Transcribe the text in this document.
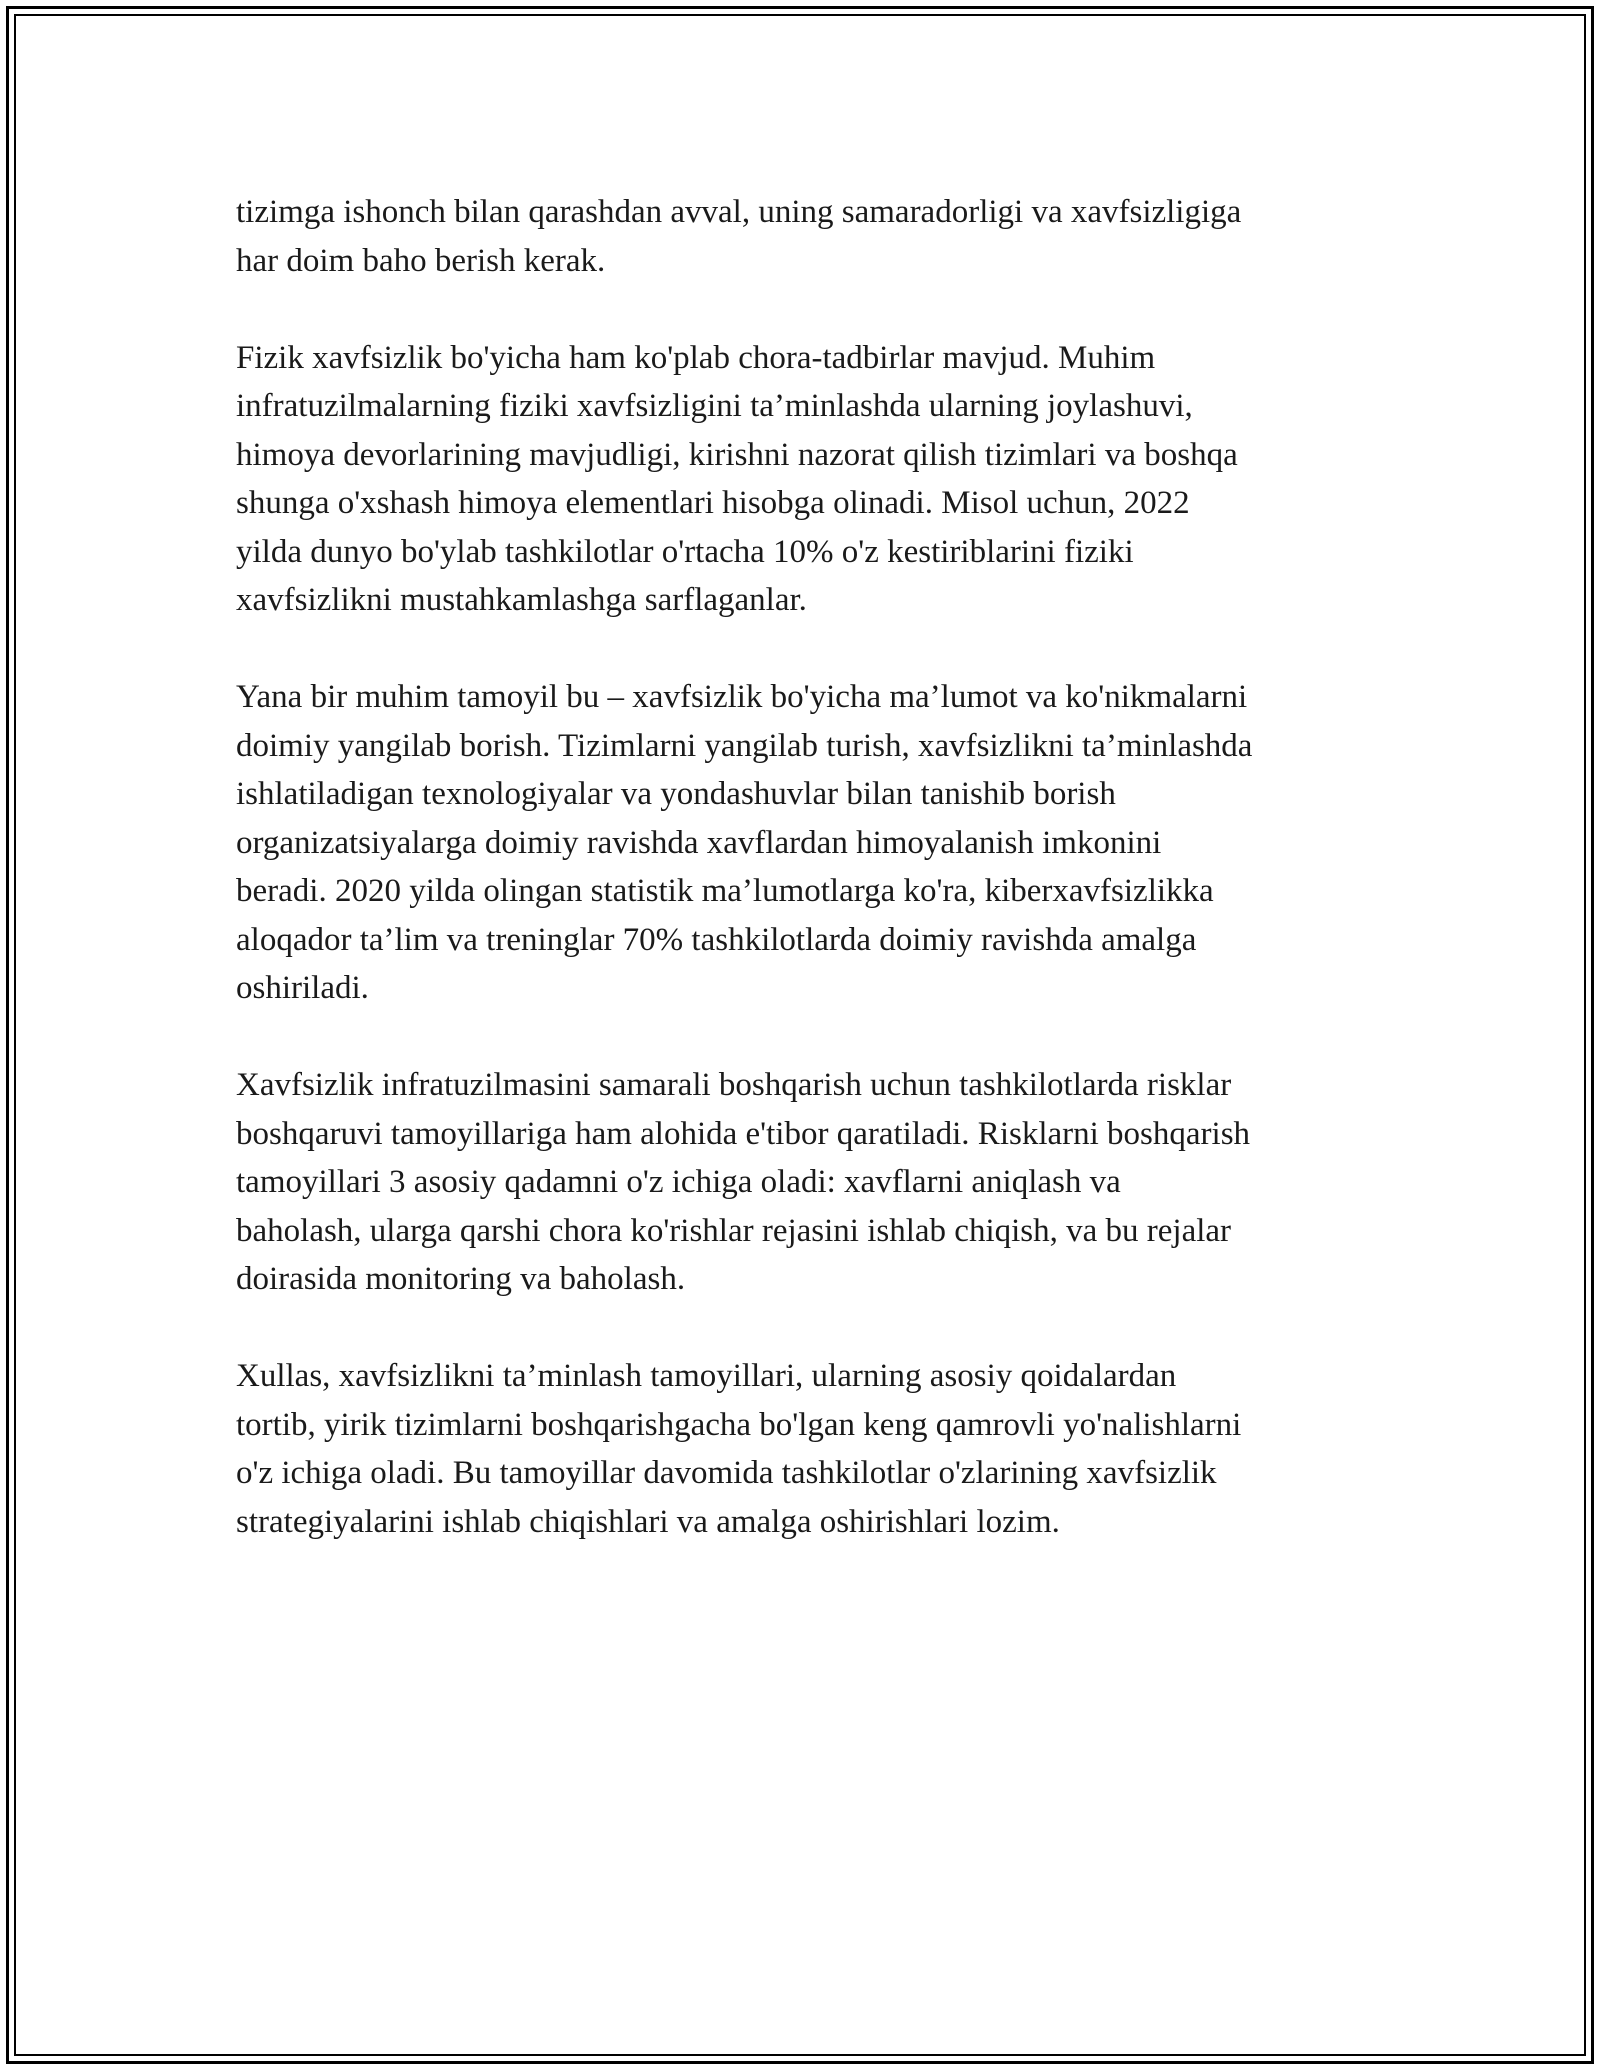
tizimga ishonch bilan qarashdan avval, uning samaradorligi va xavfsizligiga
har doim baho berish kerak.

Fizik xavfsizlik bo'yicha ham ko'plab chora-tadbirlar mavjud. Muhim
infratuzilmalarning fiziki xavfsizligini ta’minlashda ularning joylashuvi,
himoya devorlarining mavjudligi, kirishni nazorat qilish tizimlari va boshqa
shunga o'xshash himoya elementlari hisobga olinadi. Misol uchun, 2022
yilda dunyo bo'ylab tashkilotlar o'rtacha 10% o'z kestiriblarini fiziki
xavfsizlikni mustahkamlashga sarflaganlar.

Yana bir muhim tamoyil bu – xavfsizlik bo'yicha ma’lumot va ko'nikmalarni
doimiy yangilab borish. Tizimlarni yangilab turish, xavfsizlikni ta’minlashda
ishlatiladigan texnologiyalar va yondashuvlar bilan tanishib borish
organizatsiyalarga doimiy ravishda xavflardan himoyalanish imkonini
beradi. 2020 yilda olingan statistik ma’lumotlarga ko'ra, kiberxavfsizlikka
aloqador ta’lim va treninglar 70% tashkilotlarda doimiy ravishda amalga
oshiriladi.

Xavfsizlik infratuzilmasini samarali boshqarish uchun tashkilotlarda risklar
boshqaruvi tamoyillariga ham alohida e'tibor qaratiladi. Risklarni boshqarish
tamoyillari 3 asosiy qadamni o'z ichiga oladi: xavflarni aniqlash va
baholash, ularga qarshi chora ko'rishlar rejasini ishlab chiqish, va bu rejalar
doirasida monitoring va baholash.

Xullas, xavfsizlikni ta’minlash tamoyillari, ularning asosiy qoidalardan
tortib, yirik tizimlarni boshqarishgacha bo'lgan keng qamrovli yo'nalishlarni
o'z ichiga oladi. Bu tamoyillar davomida tashkilotlar o'zlarining xavfsizlik
strategiyalarini ishlab chiqishlari va amalga oshirishlari lozim.
